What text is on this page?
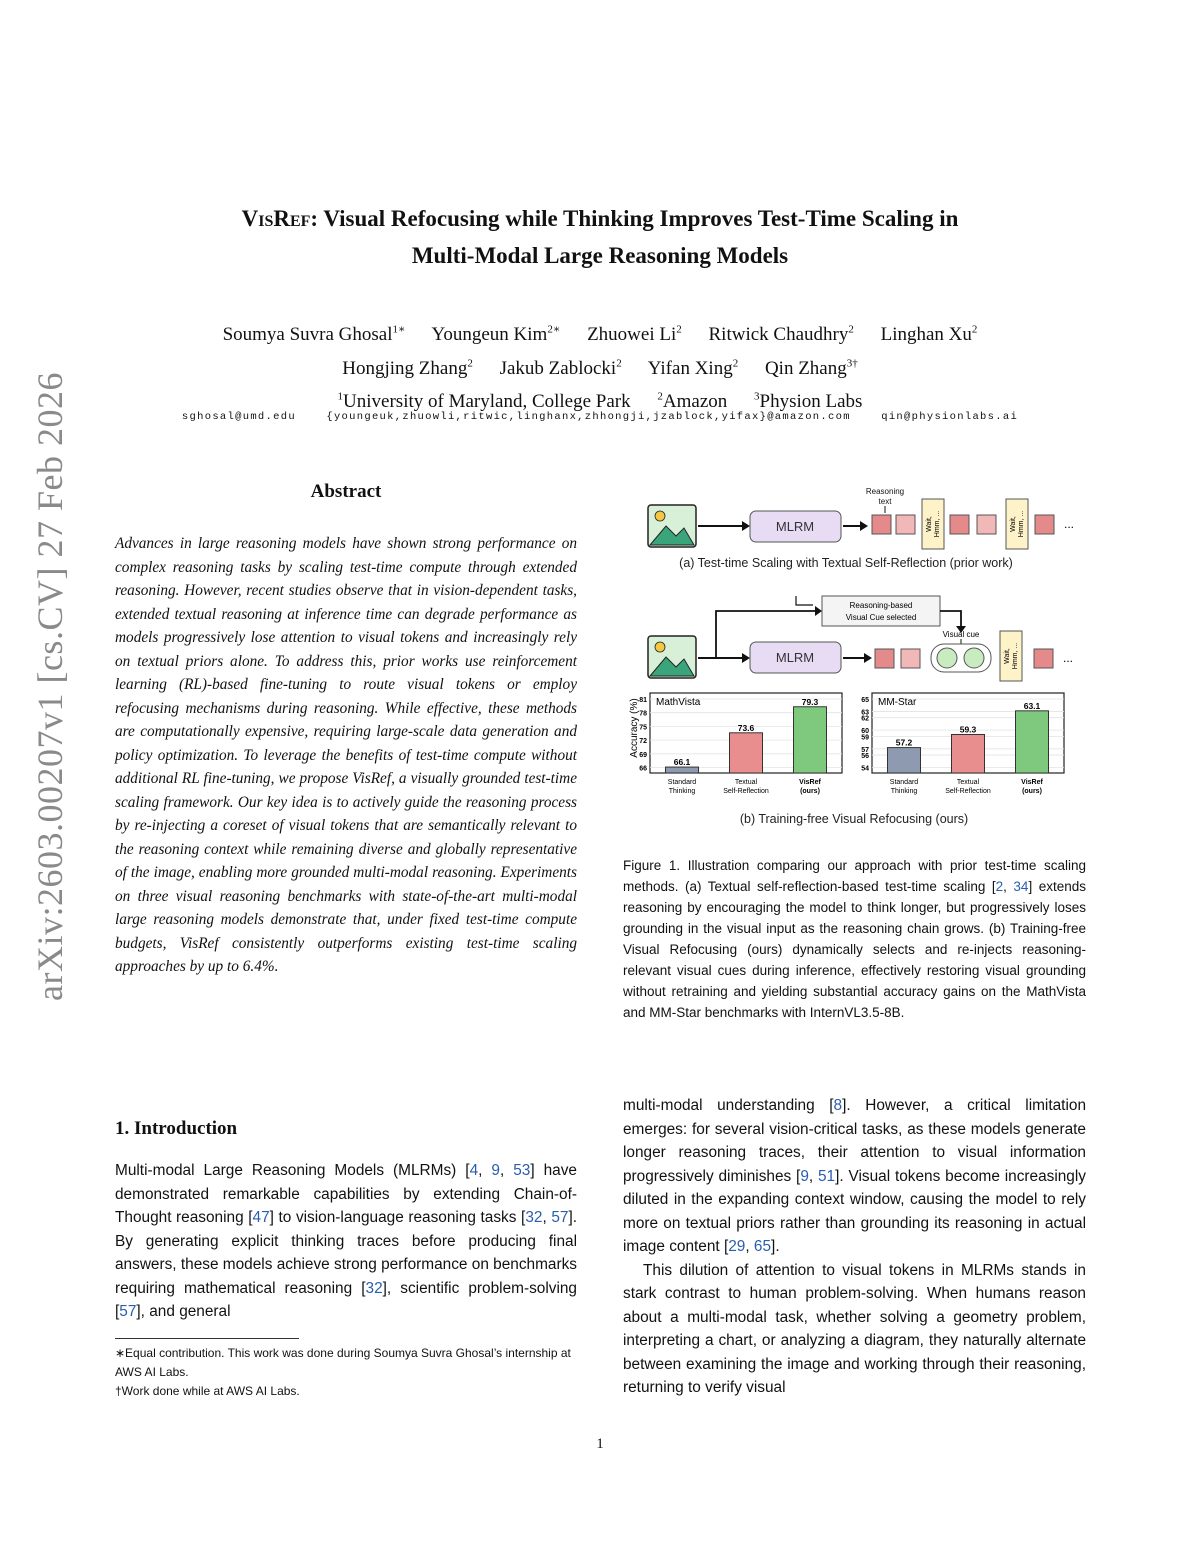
arXiv:2603.00207v1 [cs.CV] 27 Feb 2026
VisRef: Visual Refocusing while Thinking Improves Test-Time Scaling in
Multi-Modal Large Reasoning Models
Soumya Suvra Ghosal$^{1∗}$ Youngeun Kim$^{2∗}$ Zhuowei Li$^2$ Ritwick Chaudhry$^2$ Linghan Xu$^2$
Hongjing Zhang$^2$ Jakub Zablocki$^2$ Yifan Xing$^2$ Qin Zhang$^{3\dagger}$
$^1$University of Maryland, College Park $^2$Amazon $^3$Physion Labs
sghosal@umd.edu	{youngeuk,zhuowli,ritwic,linghanx,zhhongji,jzablock,yifax}@amazon.com	qin@physionlabs.ai
Abstract
Advances in large reasoning models have shown strong performance on complex reasoning tasks by scaling test-time compute through extended reasoning. However, recent studies observe that in vision-dependent tasks, extended textual reasoning at inference time can degrade performance as models progressively lose attention to visual tokens and increasingly rely on textual priors alone. To address this, prior works use reinforcement learning (RL)-based fine-tuning to route visual tokens or employ refocusing mechanisms during reasoning. While effective, these methods are computationally expensive, requiring large-scale data generation and policy optimization. To leverage the benefits of test-time compute without additional RL fine-tuning, we propose VisRef, a visually grounded test-time scaling framework. Our key idea is to actively guide the reasoning process by re-injecting a coreset of visual tokens that are semantically relevant to the reasoning context while remaining diverse and globally representative of the image, enabling more grounded multi-modal reasoning. Experiments on three visual reasoning benchmarks with state-of-the-art multi-modal large reasoning models demonstrate that, under fixed test-time compute budgets, VisRef consistently outperforms existing test-time scaling approaches by up to 6.4%.
1. Introduction
Multi-modal Large Reasoning Models (MLRMs) [4, 9, 53] have demonstrated remarkable capabilities by extending Chain-of-Thought reasoning [47] to vision-language reasoning tasks [32, 57]. By generating explicit thinking traces before producing final answers, these models achieve strong performance on benchmarks requiring mathematical reasoning [32], scientific problem-solving [57], and general

∗Equal contribution. This work was done during Soumya Suvra Ghosal’s internship at AWS AI Labs.

†Work done while at AWS AI Labs.

MLRM
Reasoning
text
Wait, Hmm, ...	Wait, Hmm, ...	...
(a) Test-time Scaling with Textual Self-Reflection (prior work)
Reasoning-based
Visual Cue selected
MLRM
Visual cue
Wait, Hmm, ...	...
Accuracy (%) 81
78
75
72
69
66
MathVista
66.1
Standard
Thinking
73.6
Textual
Self-Reflection
79.3
VisRef
(ours)
65
63
62
60
59
57
56
54
MM-Star
57.2
Standard
Thinking
59.3
Textual
Self-Reflection
63.1
VisRef
(ours)
(b) Training-free Visual Refocusing (ours)
Figure 1. Illustration comparing our approach with prior test-time scaling methods. (a) Textual self-reflection-based test-time scaling [2, 34] extends reasoning by encouraging the model to think longer, but progressively loses grounding in the visual input as the reasoning chain grows. (b) Training-free Visual Refocusing (ours) dynamically selects and re-injects reasoning-relevant visual cues during inference, effectively restoring visual grounding without retraining and yielding substantial accuracy gains on the MathVista and MM-Star benchmarks with InternVL3.5-8B.

multi-modal understanding [8]. However, a critical limitation emerges: for several vision-critical tasks, as these models generate longer reasoning traces, their attention to visual information progressively diminishes [9, 51]. Visual tokens become increasingly diluted in the expanding context window, causing the model to rely more on textual priors rather than grounding its reasoning in actual image content [29, 65].

This dilution of attention to visual tokens in MLRMs stands in stark contrast to human problem-solving. When humans reason about a multi-modal task, whether solving a geometry problem, interpreting a chart, or analyzing a diagram, they naturally alternate between examining the image and working through their reasoning, returning to verify visual

1
